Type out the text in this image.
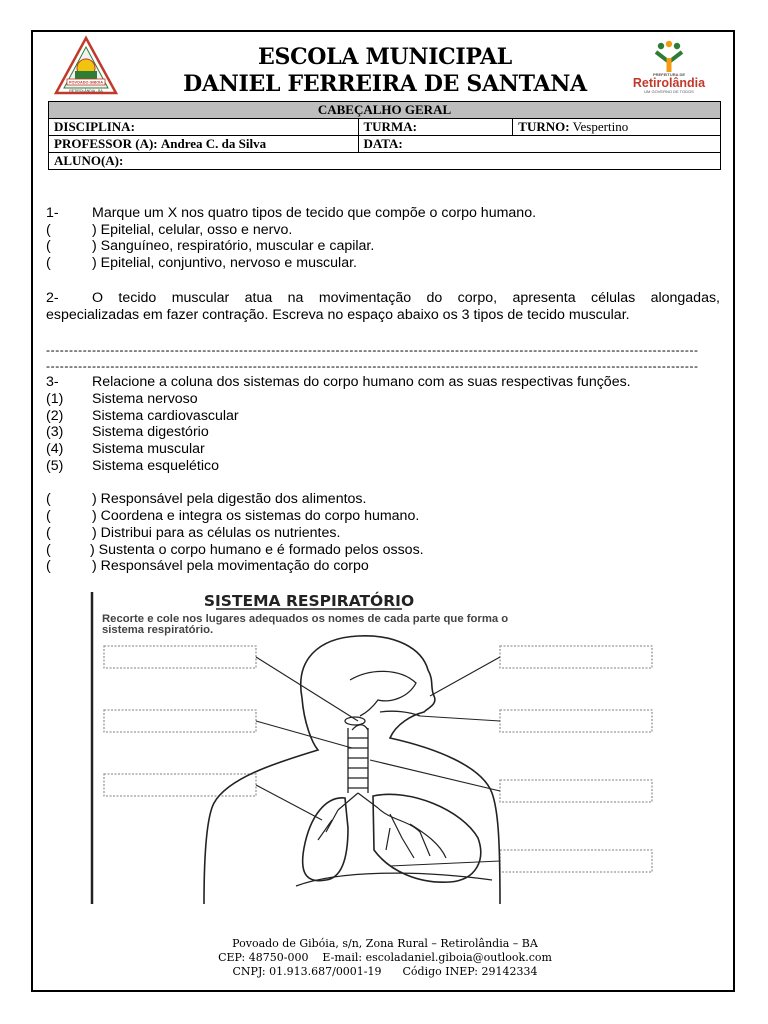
POVOADO GIBOIA
RETIROLÂNDIA - BA
ESCOLA MUNICIPAL
DANIEL FERREIRA DE SANTANA	PREFEITURA DE
Retirolândia
UM GOVERNO DE TODOS
CABEÇALHO GERAL		
DISCIPLINA:	TURMA:	TURNO: Vespertino
PROFESSOR (A): Andrea C. da Silva	DATA:	
ALUNO(A):		
1-	Marque um X nos quatro tipos de tecido que compõe o corpo humano.
(	) Epitelial, celular, osso e nervo.
(	) Sanguíneo, respiratório, muscular e capilar.
(	) Epitelial, conjuntivo, nervoso e muscular.
2-	O tecido muscular atua na movimentação do corpo, apresenta células alongadas,
especializadas em fazer contração. Escreva no espaço abaixo os 3 tipos de tecido muscular.
----------------------------------------------------------------------------------------------------------------------------------------------
----------------------------------------------------------------------------------------------------------------------------------------------
3-	Relacione a coluna dos sistemas do corpo humano com as suas respectivas funções.
(1)	Sistema nervoso
(2)	Sistema cardiovascular
(3)	Sistema digestório
(4)	Sistema muscular
(5)	Sistema esquelético
(	) Responsável pela digestão dos alimentos.
(	) Coordena e integra os sistemas do corpo humano.
(	) Distribui para as células os nutrientes.
(	) Sustenta o corpo humano e é formado pelos ossos.
(	) Responsável pela movimentação do corpo
SISTEMA RESPIRATÓRIO
Recorte e cole nos lugares adequados os nomes de cada parte que forma o
sistema respiratório.
Povoado de Gibóia, s/n, Zona Rural – Retirolândia – BA
CEP: 48750-000    E-mail: escoladaniel.giboia@outlook.com
CNPJ: 01.913.687/0001-19      Código INEP: 29142334
